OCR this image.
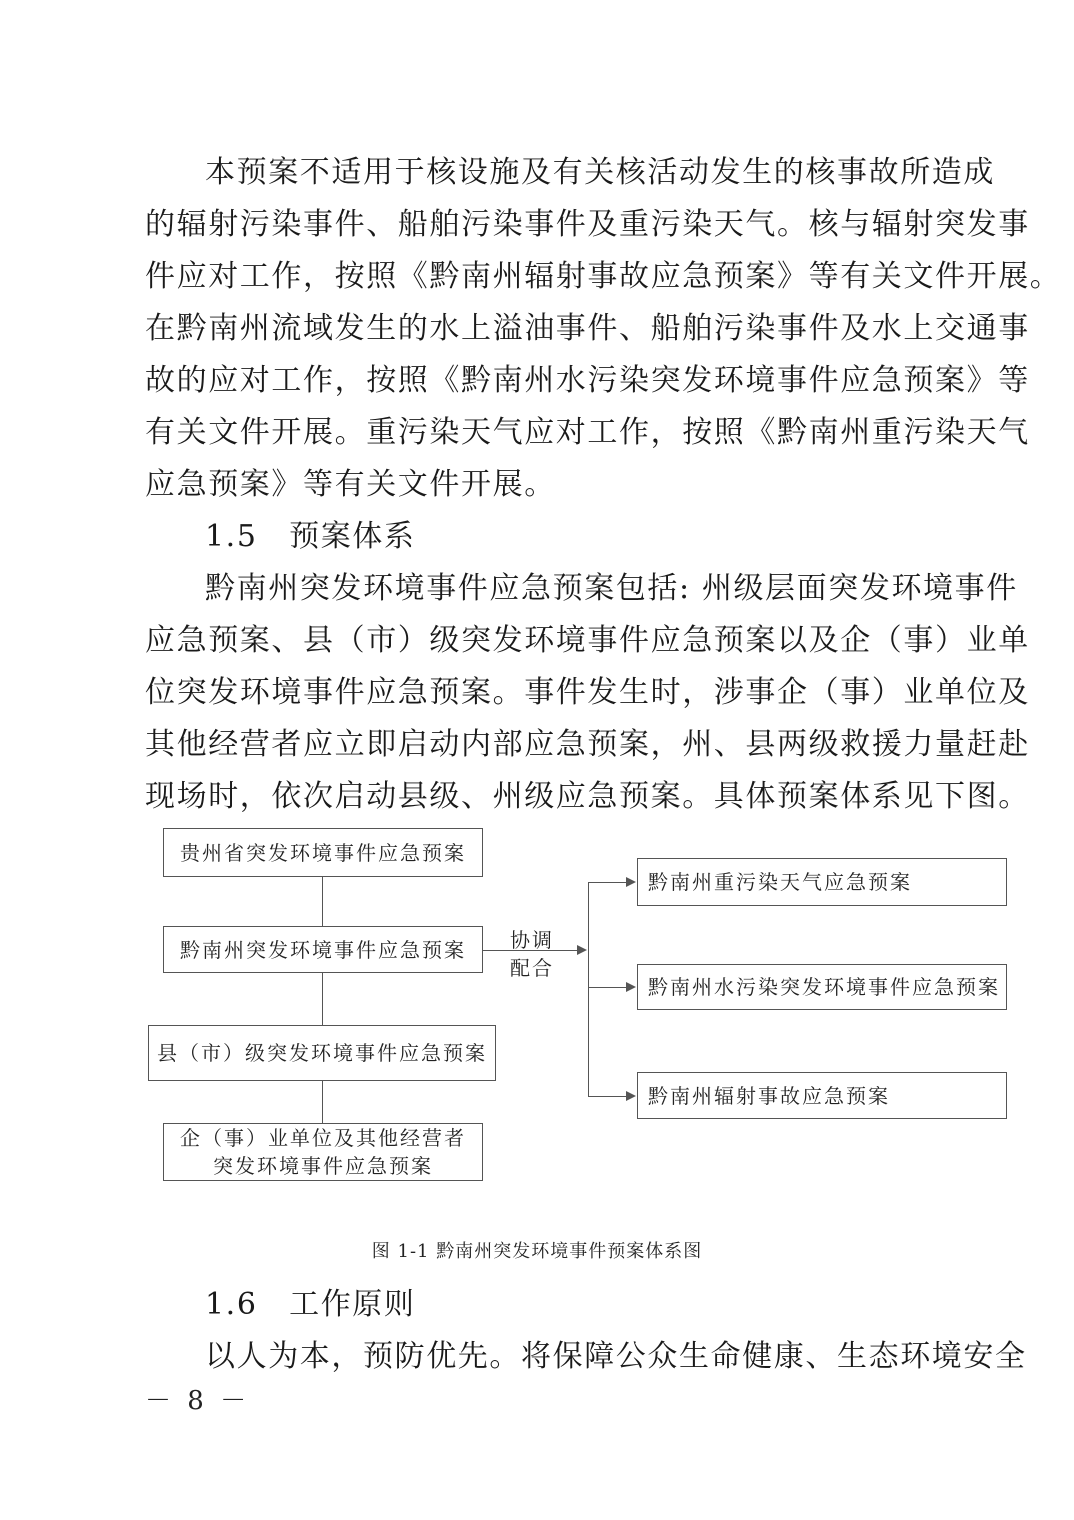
本预案不适用于核设施及有关核活动发生的核事故所造成
的辐射污染事件、船舶污染事件及重污染天气。核与辐射突发事
件应对工作，按照《黔南州辐射事故应急预案》等有关文件开展。
在黔南州流域发生的水上溢油事件、船舶污染事件及水上交通事
故的应对工作，按照《黔南州水污染突发环境事件应急预案》等
有关文件开展。重污染天气应对工作，按照《黔南州重污染天气
应急预案》等有关文件开展。
1.5　预案体系
黔南州突发环境事件应急预案包括: 州级层面突发环境事件
应急预案、县（市）级突发环境事件应急预案以及企（事）业单
位突发环境事件应急预案。事件发生时，涉事企（事）业单位及
其他经营者应立即启动内部应急预案，州、县两级救援力量赶赴
现场时，依次启动县级、州级应急预案。具体预案体系见下图。
贵州省突发环境事件应急预案
黔南州突发环境事件应急预案
县（市）级突发环境事件应急预案
企（事）业单位及其他经营者
突发环境事件应急预案
协调
配合
黔南州重污染天气应急预案
黔南州水污染突发环境事件应急预案
黔南州辐射事故应急预案
图 1-1 黔南州突发环境事件预案体系图
1.6　工作原则
以人为本，预防优先。将保障公众生命健康、生态环境安全
－ 8 －
